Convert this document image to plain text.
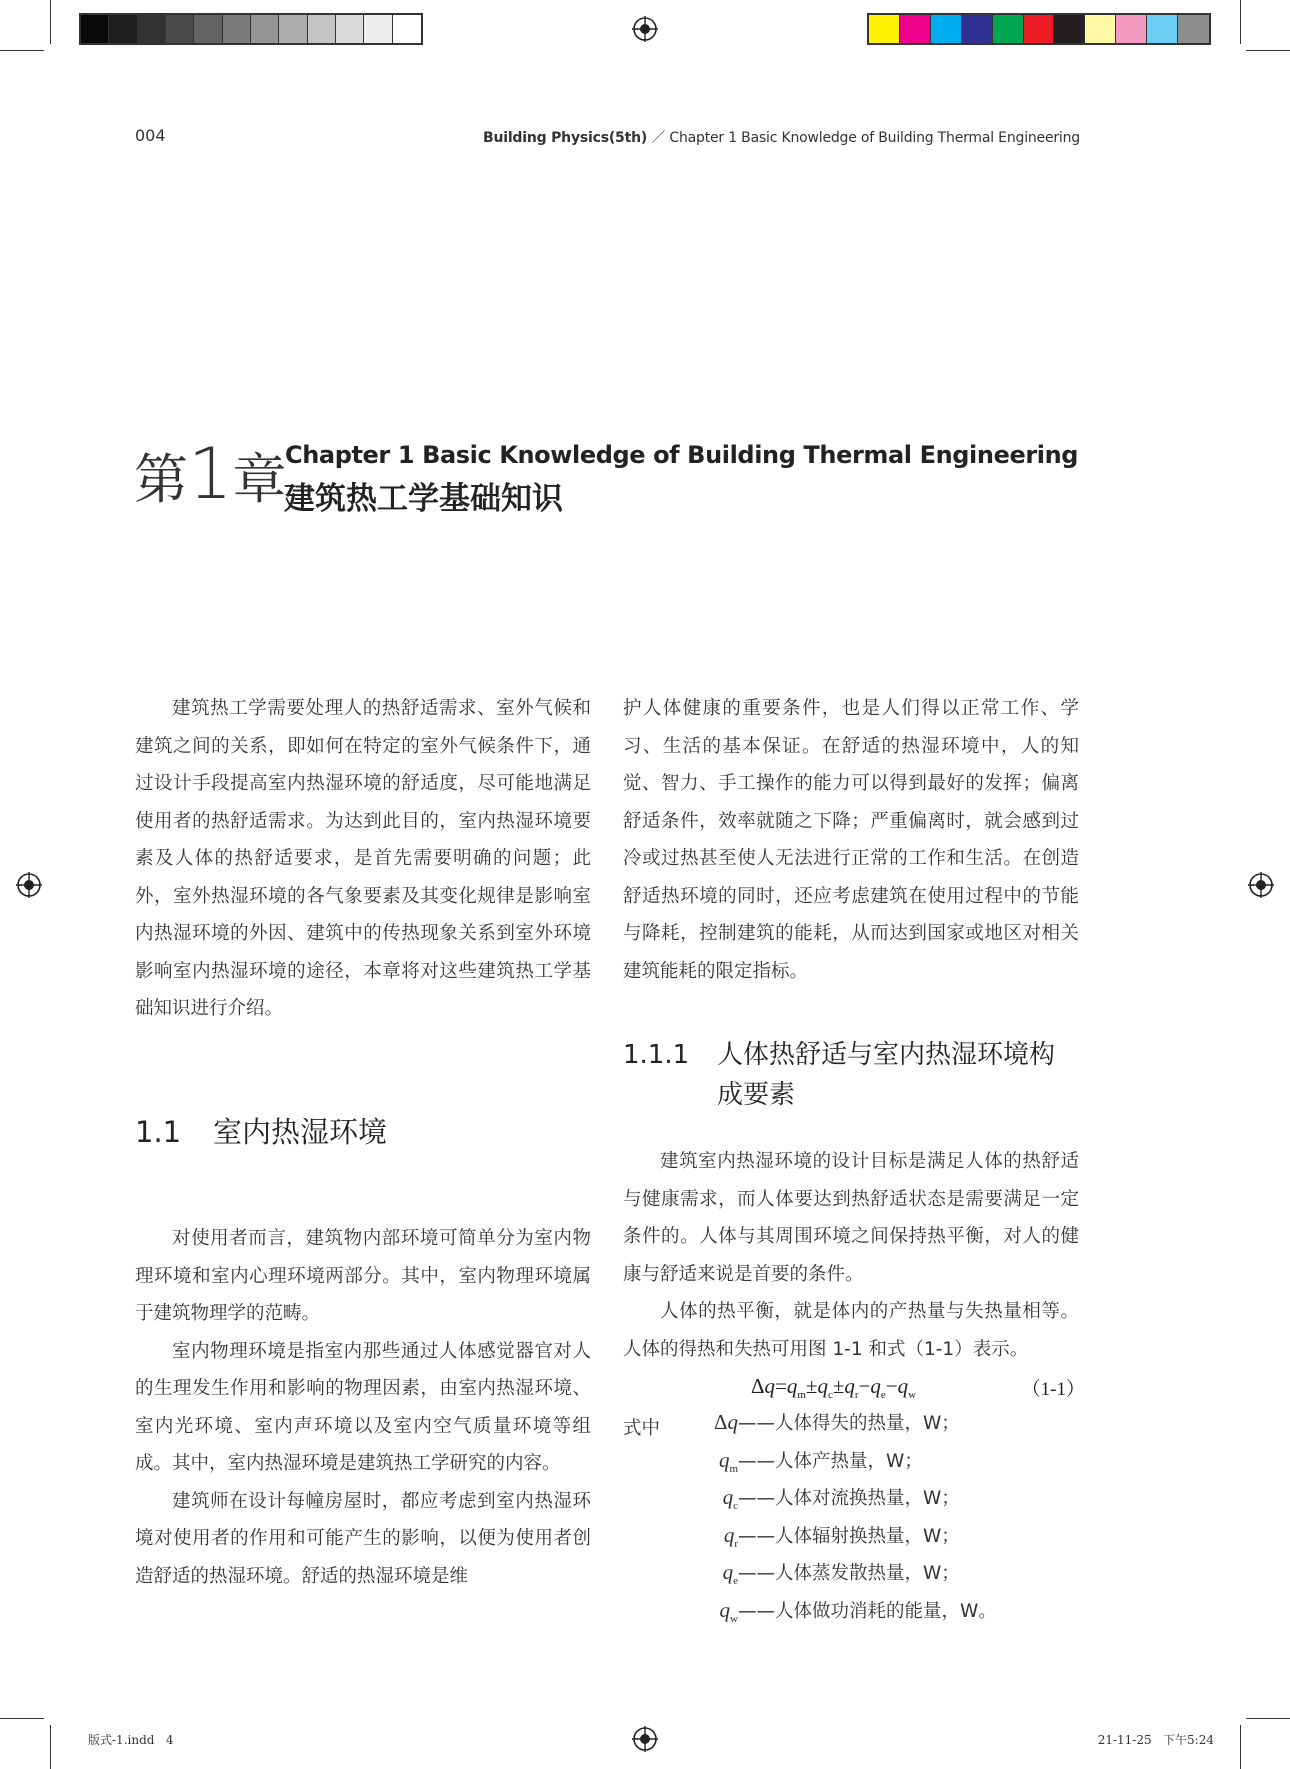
004	Building Physics(5th) ／ Chapter 1 Basic Knowledge of Building Thermal Engineering
第1章
Chapter 1 Basic Knowledge of Building Thermal Engineering
建筑热工学基础知识

建筑热工学需要处理人的热舒适需求、室外气候和建筑之间的关系，即如何在特定的室外气候条件下，通过设计手段提高室内热湿环境的舒适度，尽可能地满足使用者的热舒适需求。为达到此目的，室内热湿环境要素及人体的热舒适要求，是首先需要明确的问题；此外，室外热湿环境的各气象要素及其变化规律是影响室内热湿环境的外因、建筑中的传热现象关系到室外环境影响室内热湿环境的途径，本章将对这些建筑热工学基础知识进行介绍。

1.1 室内热湿环境

对使用者而言，建筑物内部环境可简单分为室内物理环境和室内心理环境两部分。其中，室内物理环境属于建筑物理学的范畴。

室内物理环境是指室内那些通过人体感觉器官对人的生理发生作用和影响的物理因素，由室内热湿环境、室内光环境、室内声环境以及室内空气质量环境等组成。其中，室内热湿环境是建筑热工学研究的内容。

建筑师在设计每幢房屋时，都应考虑到室内热湿环境对使用者的作用和可能产生的影响，以便为使用者创造舒适的热湿环境。舒适的热湿环境是维

护人体健康的重要条件，也是人们得以正常工作、学习、生活的基本保证。在舒适的热湿环境中，人的知觉、智力、手工操作的能力可以得到最好的发挥；偏离舒适条件，效率就随之下降；严重偏离时，就会感到过冷或过热甚至使人无法进行正常的工作和生活。在创造舒适热环境的同时，还应考虑建筑在使用过程中的节能与降耗，控制建筑的能耗，从而达到国家或地区对相关建筑能耗的限定指标。

1.1.1 人体热舒适与室内热湿环境构
成要素

建筑室内热湿环境的设计目标是满足人体的热舒适与健康需求，而人体要达到热舒适状态是需要满足一定条件的。人体与其周围环境之间保持热平衡，对人的健康与舒适来说是首要的条件。

人体的热平衡，就是体内的产热量与失热量相等。人体的得热和失热可用图 1-1 和式（1-1）表示。

$\Delta q=q_m\pm q_c\pm q_r-q_e-q_w$	（1-1）
式中	Δq——人体得失的热量，W；
$q_m——$人体产热量，W；
$q_c——$人体对流换热量，W；
$q_r——$人体辐射换热量，W；
$q_e——$人体蒸发散热量，W；
$q_w——$人体做功消耗的能量，W。
版式-1.indd   4	21-11-25   下午5:24
